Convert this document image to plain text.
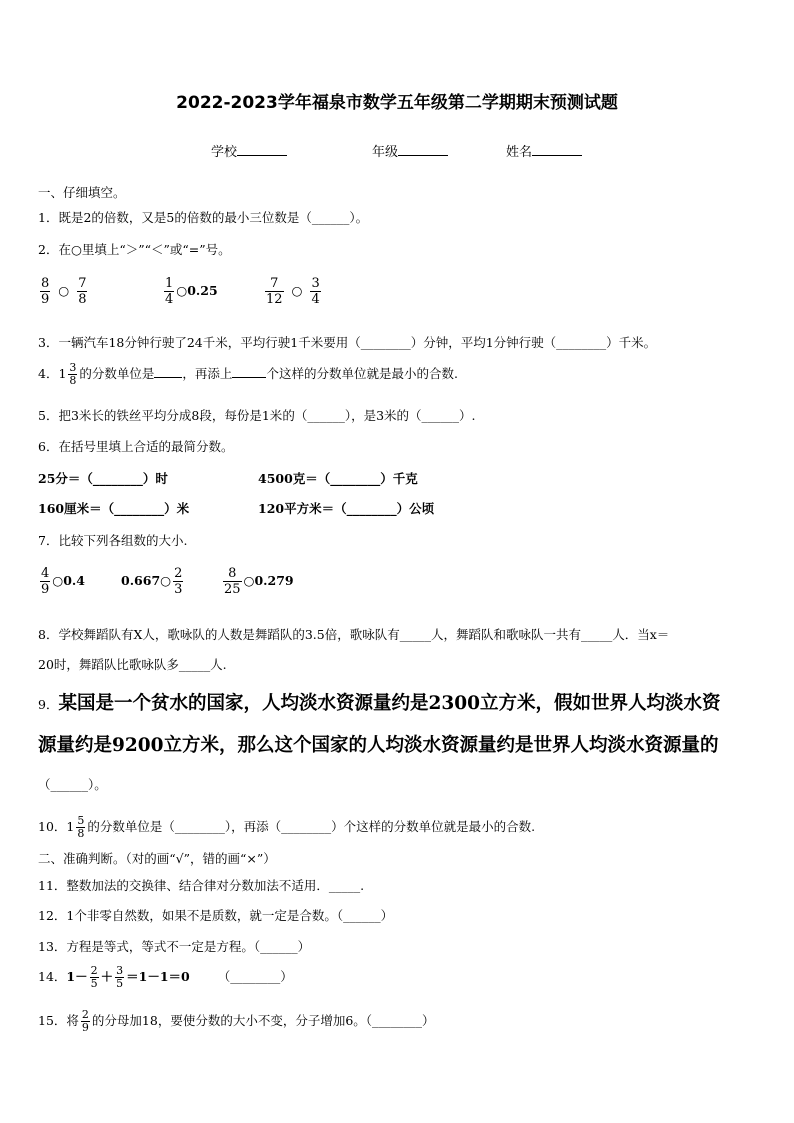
2022-2023学年福泉市数学五年级第二学期期末预测试题
学校	年级	姓名
一、仔细填空。
1．既是2的倍数，又是5的倍数的最小三位数是（______）。
2．在○里填上“＞”“＜”或“=”号。
$\frac{8}{9}$ ○ $\frac{7}{8}$	$\frac{1}{4}$ ○0.25	$\frac{7}{12}$ ○ $\frac{3}{4}$
3．一辆汽车18分钟行驶了24千米，平均行驶1千米要用（________）分钟，平均1分钟行驶（________）千米。
4．$1 \frac{3}{8}$ 的分数单位是 ，再添上	个这样的分数单位就是最小的合数.
5．把3米长的铁丝平均分成8段，每份是1米的（______），是3米的（______）.
6．在括号里填上合适的最简分数。
25分＝（________）时	4500克＝（________）千克
160厘米＝（________）米	120平方米＝（________）公顷
7．比较下列各组数的大小.
$\frac{4}{9}$ ○0.4	0.667○ $\frac{2}{3}$	$\frac{8}{25}$ ○0.279
8．学校舞蹈队有X人，歌咏队的人数是舞蹈队的3.5倍，歌咏队有_____人，舞蹈队和歌咏队一共有_____人．当x＝
20时，舞蹈队比歌咏队多_____人.
9．某国是一个贫水的国家，人均淡水资源量约是2300立方米，假如世界人均淡水资
源量约是9200立方米，那么这个国家的人均淡水资源量约是世界人均淡水资源量的
（______）。
10．$1 \frac{5}{8}$ 的分数单位是（________），再添（________）个这样的分数单位就是最小的合数.
二、准确判断。（对的画“√”，错的画“×”）
11．整数加法的交换律、结合律对分数加法不适用．_____.
12．1个非零自然数，如果不是质数，就一定是合数。（______）
13．方程是等式，等式不一定是方程。（______）
14．$1- \frac{2}{5} + \frac{3}{5} =1-1=0$ （________）
15．将 $\frac{2}{9}$ 的分母加18，要使分数的大小不变，分子增加6。（________）
